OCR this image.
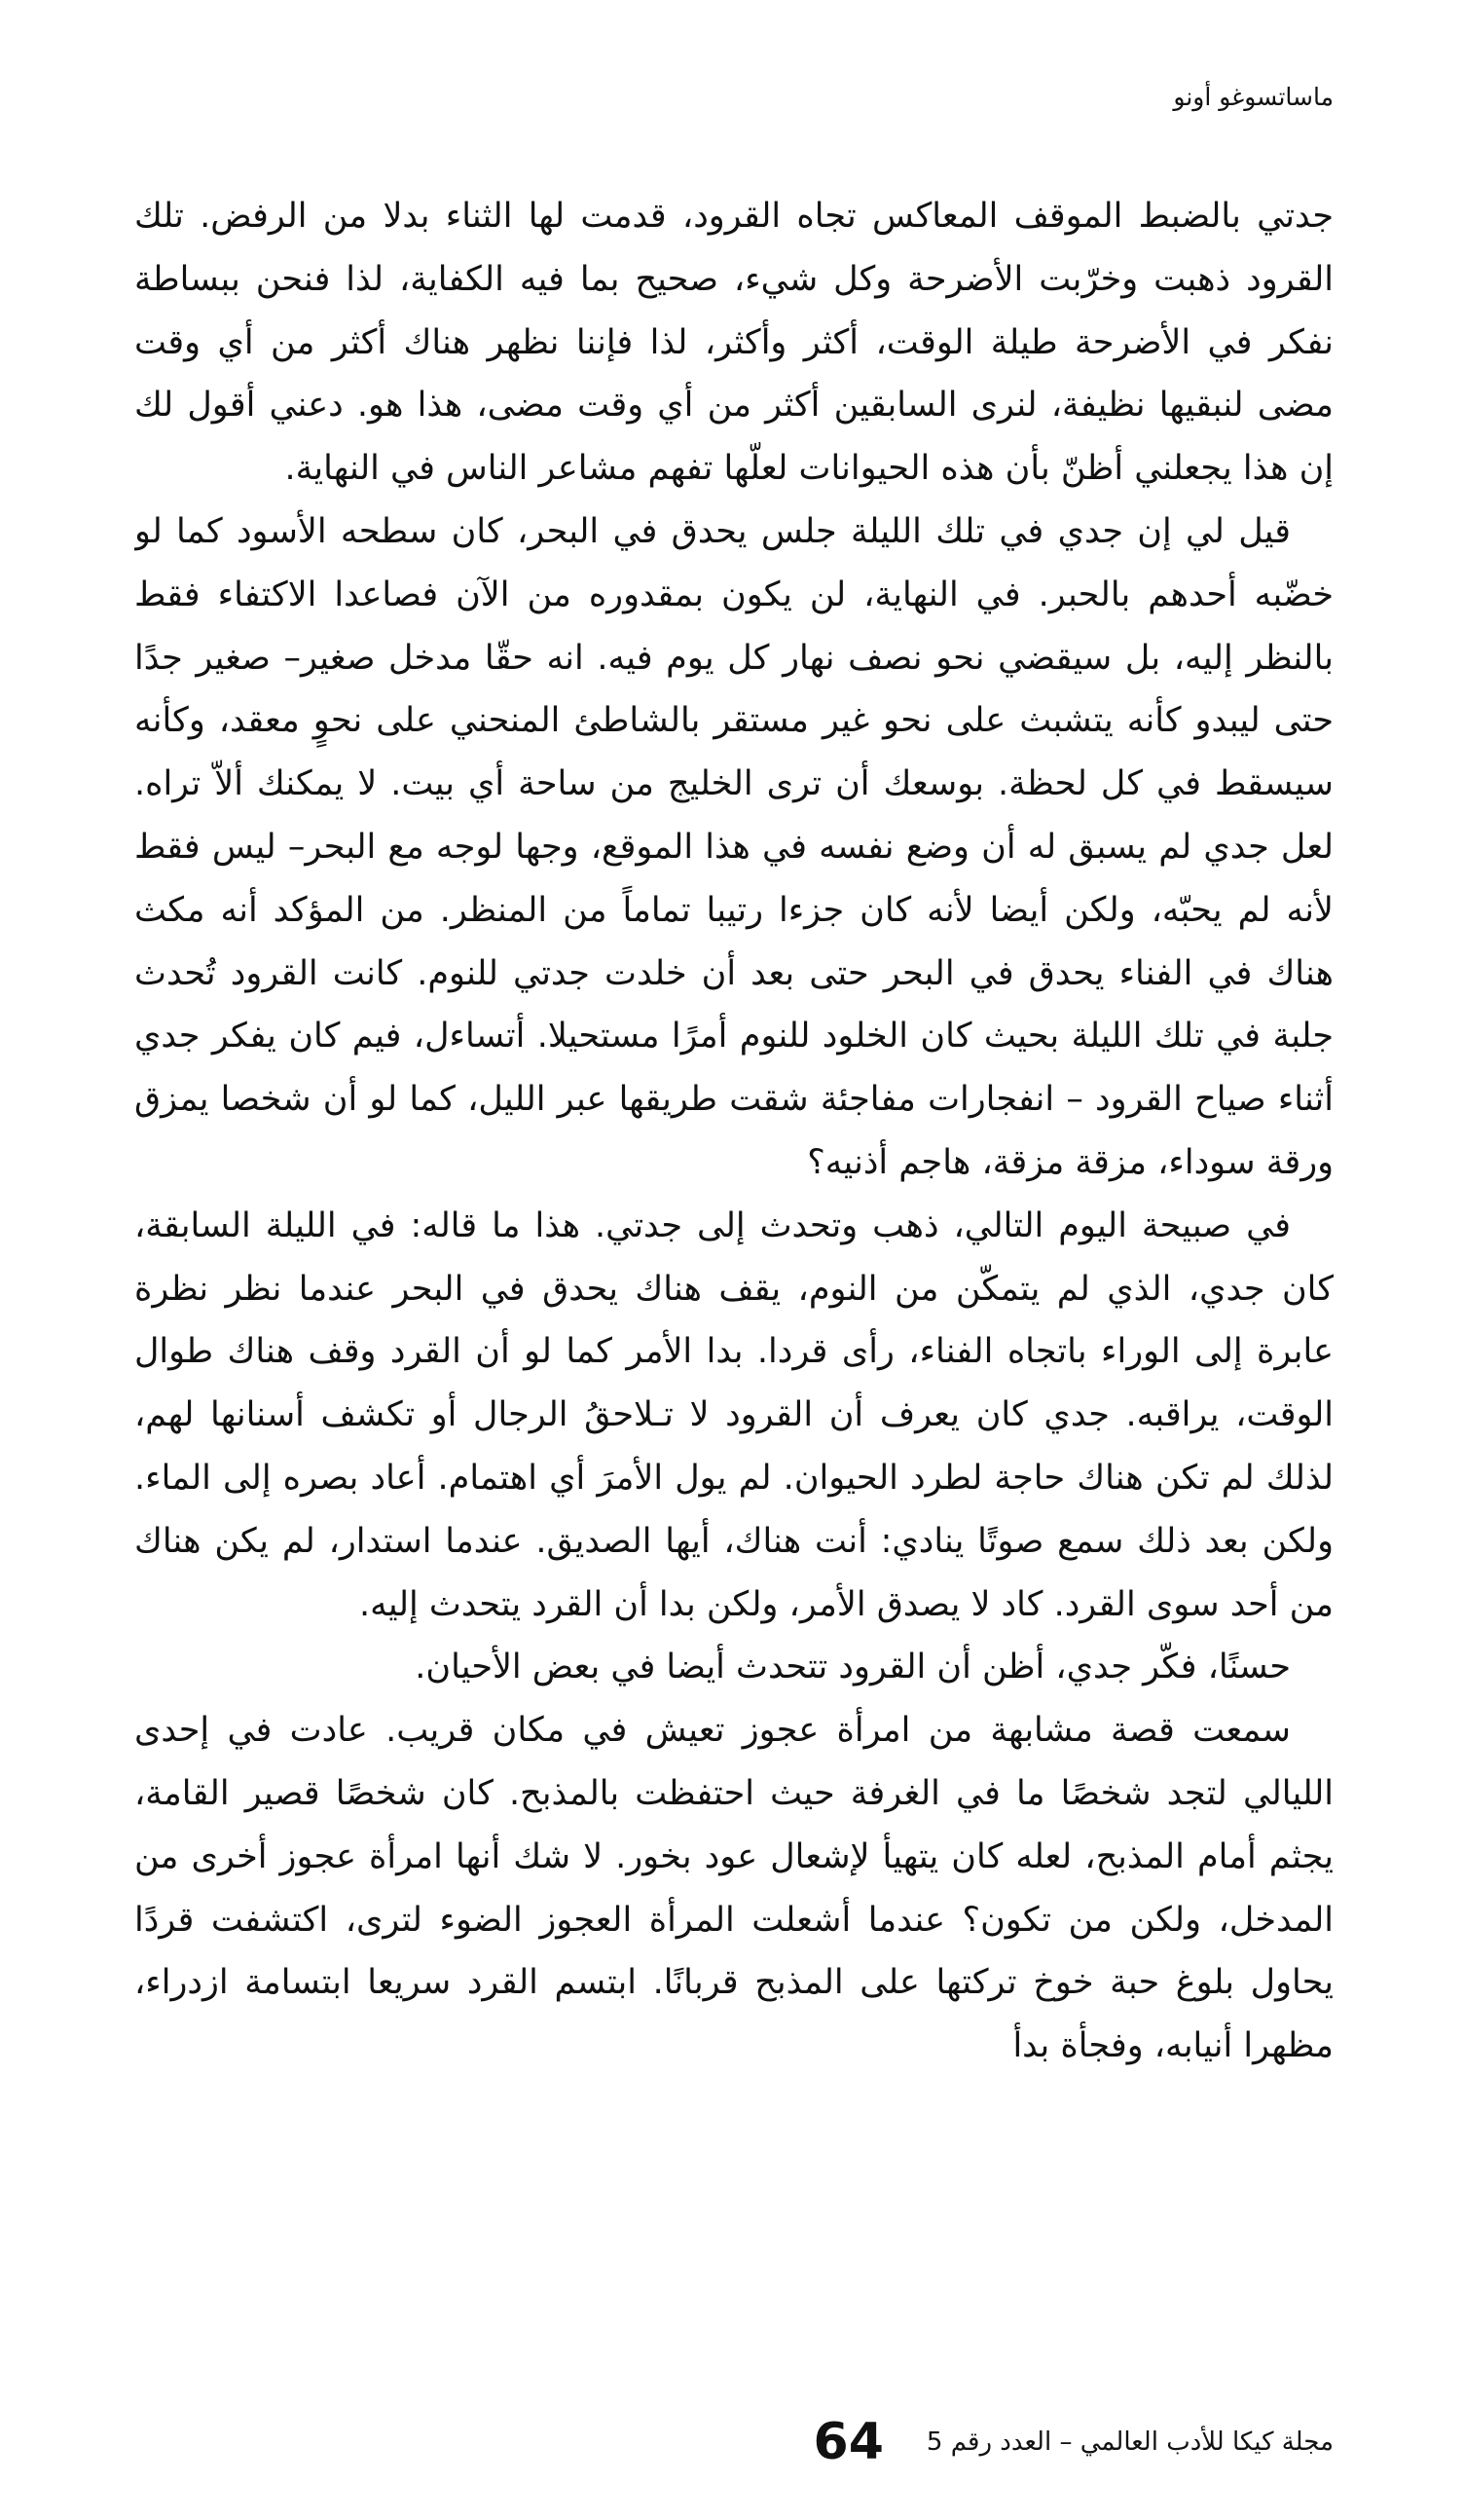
ماساتسوغو أونو

جدتي بالضبط الموقف المعاكس تجاه القرود، قدمت لها الثناء بدلا من الرفض. تلك القرود ذهبت وخرّبت الأضرحة وكل شيء، صحيح بما فيه الكفاية، لذا فنحن ببساطة نفكر في الأضرحة طيلة الوقت، أكثر وأكثر، لذا فإننا نظهر هناك أكثر من أي وقت مضى لنبقيها نظيفة، لنرى السابقين أكثر من أي وقت مضى، هذا هو. دعني أقول لك إن هذا يجعلني أظنّ بأن هذه الحيوانات لعلّها تفهم مشاعر الناس في النهاية.

قيل لي إن جدي في تلك الليلة جلس يحدق في البحر، كان سطحه الأسود كما لو خضّبه أحدهم بالحبر. في النهاية، لن يكون بمقدوره من الآن فصاعدا الاكتفاء فقط بالنظر إليه، بل سيقضي نحو نصف نهار كل يوم فيه. انه حقّا مدخل صغير– صغير جدًا حتى ليبدو كأنه يتشبث على نحو غير مستقر بالشاطئ المنحني على نحوٍ معقد، وكأنه سيسقط في كل لحظة. بوسعك أن ترى الخليج من ساحة أي بيت. لا يمكنك ألاّ تراه. لعل جدي لم يسبق له أن وضع نفسه في هذا الموقع، وجها لوجه مع البحر– ليس فقط لأنه لم يحبّه، ولكن أيضا لأنه كان جزءا رتيبا تماماً من المنظر. من المؤكد أنه مكث هناك في الفناء يحدق في البحر حتى بعد أن خلدت جدتي للنوم. كانت القرود تُحدث جلبة في تلك الليلة بحيث كان الخلود للنوم أمرًا مستحيلا. أتساءل، فيم كان يفكر جدي أثناء صياح القرود – انفجارات مفاجئة شقت طريقها عبر الليل، كما لو أن شخصا يمزق ورقة سوداء، مزقة مزقة، هاجم أذنيه؟

في صبيحة اليوم التالي، ذهب وتحدث إلى جدتي. هذا ما قاله: في الليلة السابقة، كان جدي، الذي لم يتمكّن من النوم، يقف هناك يحدق في البحر عندما نظر نظرة عابرة إلى الوراء باتجاه الفناء، رأى قردا. بدا الأمر كما لو أن القرد وقف هناك طوال الوقت، يراقبه. جدي كان يعرف أن القرود لا تـلاحقُ الرجال أو تكشف أسنانها لهم، لذلك لم تكن هناك حاجة لطرد الحيوان. لم يول الأمرَ أي اهتمام. أعاد بصره إلى الماء. ولكن بعد ذلك سمع صوتًا ينادي: أنت هناك، أيها الصديق. عندما استدار، لم يكن هناك من أحد سوى القرد. كاد لا يصدق الأمر، ولكن بدا أن القرد يتحدث إليه.

حسنًا، فكّر جدي، أظن أن القرود تتحدث أيضا في بعض الأحيان.

سمعت قصة مشابهة من امرأة عجوز تعيش في مكان قريب. عادت في إحدى الليالي لتجد شخصًا ما في الغرفة حيث احتفظت بالمذبح. كان شخصًا قصير القامة، يجثم أمام المذبح، لعله كان يتهيأ لإشعال عود بخور. لا شك أنها امرأة عجوز أخرى من المدخل، ولكن من تكون؟ عندما أشعلت المرأة العجوز الضوء لترى، اكتشفت قردًا يحاول بلوغ حبة خوخ تركتها على المذبح قربانًا. ابتسم القرد سريعا ابتسامة ازدراء، مظهرا أنيابه، وفجأة بدأ

مجلة كيكا للأدب العالمي – العدد رقم 5
64
